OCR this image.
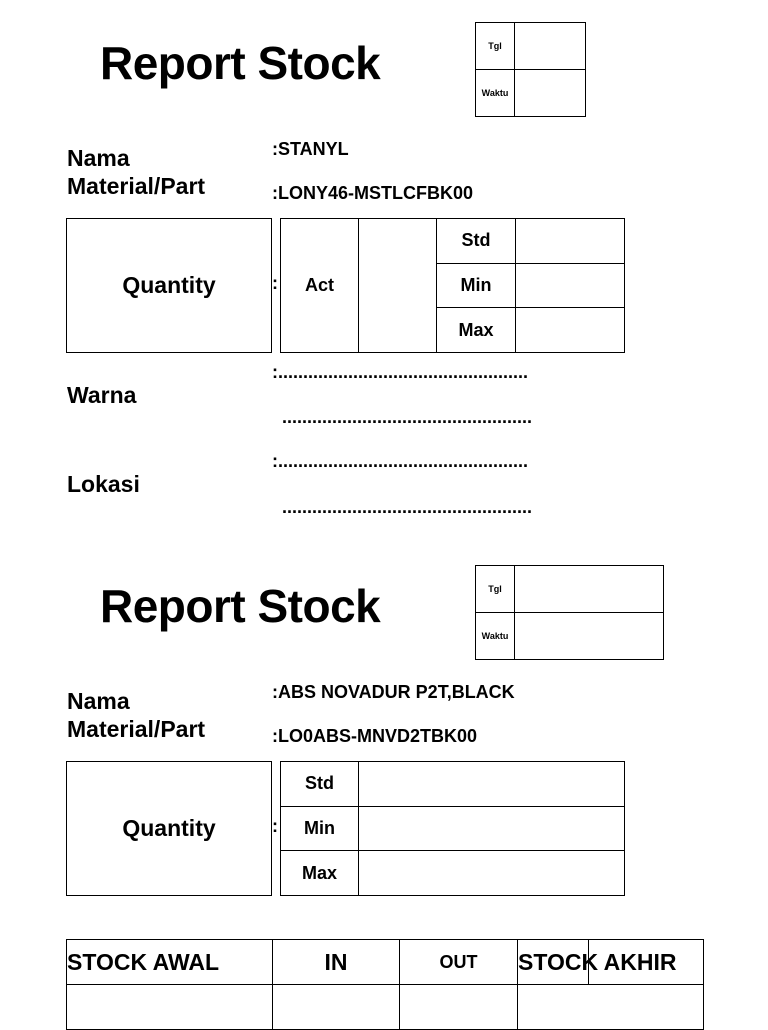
Report Stock	Tgl	
Waktu	
Nama
Material/Part
:STANYL
:LONY46-MSTLCFBK00
Quantity	: Act		Std	
		Min	
		Max	
:..................................................
Warna
..................................................
:..................................................
Lokasi
..................................................
Report Stock	Tgl	
Waktu	
Nama
Material/Part
:ABS NOVADUR P2T,BLACK
:LO0ABS-MNVD2TBK00
Quantity	:
Std	
Min	
Max	
STOCK AWAL	IN	OUT	STOCK AKHIR
